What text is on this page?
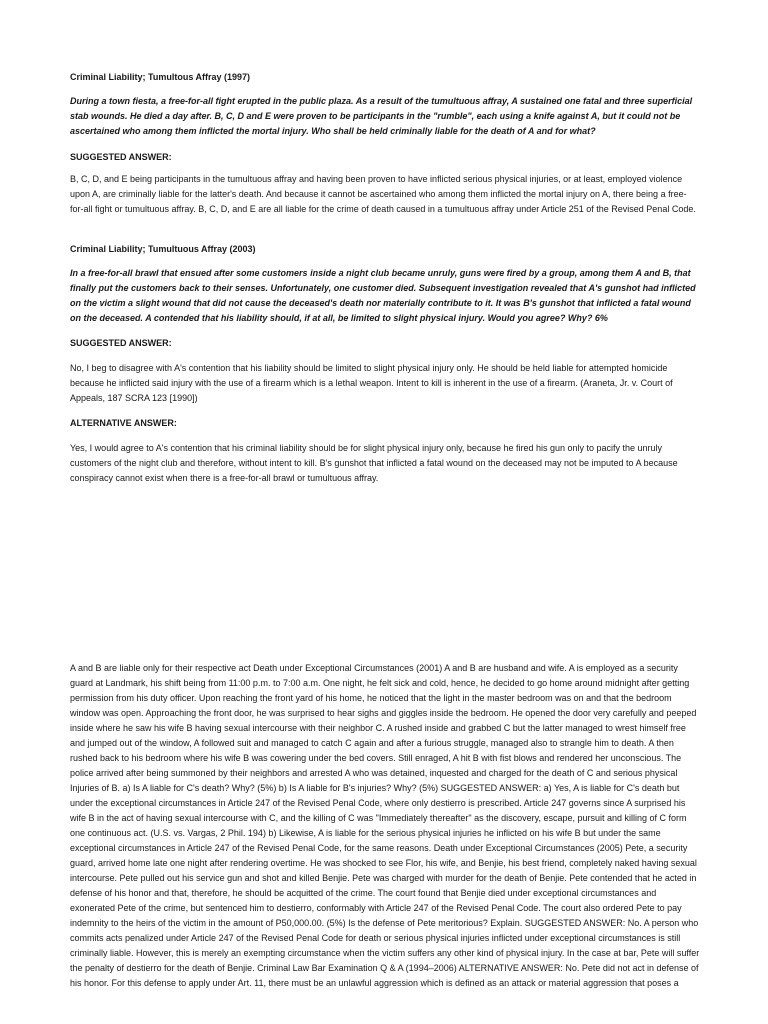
Criminal Liability; Tumultous Affray (1997)

During a town fiesta, a free-for-all fight erupted in the public plaza. As a result of the tumultuous affray, A sustained one fatal and three superficial stab wounds. He died a day after. B, C, D and E were proven to be participants in the "rumble", each using a knife against A, but it could not be ascertained who among them inflicted the mortal injury. Who shall be held criminally liable for the death of A and for what?

SUGGESTED ANSWER:

B, C, D, and E being participants in the tumultuous affray and having been proven to have inflicted serious physical injuries, or at least, employed violence upon A, are criminally liable for the latter's death. And because it cannot be ascertained who among them inflicted the mortal injury on A, there being a free-for-all fight or tumultuous affray. B, C, D, and E are all liable for the crime of death caused in a tumultuous affray under Article 251 of the Revised Penal Code.

Criminal Liability; Tumultuous Affray (2003)

In a free-for-all brawl that ensued after some customers inside a night club became unruly, guns were fired by a group, among them A and B, that finally put the customers back to their senses. Unfortunately, one customer died. Subsequent investigation revealed that A's gunshot had inflicted on the victim a slight wound that did not cause the deceased's death nor materially contribute to it. It was B's gunshot that inflicted a fatal wound on the deceased. A contended that his liability should, if at all, be limited to slight physical injury. Would you agree? Why? 6%

SUGGESTED ANSWER:

No, I beg to disagree with A's contention that his liability should be limited to slight physical injury only. He should be held liable for attempted homicide because he inflicted said injury with the use of a firearm which is a lethal weapon. Intent to kill is inherent in the use of a firearm. (Araneta, Jr. v. Court of Appeals, 187 SCRA 123 [1990])

ALTERNATIVE ANSWER:

Yes, I would agree to A's contention that his criminal liability should be for slight physical injury only, because he fired his gun only to pacify the unruly customers of the night club and therefore, without intent to kill. B's gunshot that inflicted a fatal wound on the deceased may not be imputed to A because conspiracy cannot exist when there is a free-for-all brawl or tumultuous affray.

A and B are liable only for their respective act Death under Exceptional Circumstances (2001) A and B are husband and wife. A is employed as a security guard at Landmark, his shift being from 11:00 p.m. to 7:00 a.m. One night, he felt sick and cold, hence, he decided to go home around midnight after getting permission from his duty officer. Upon reaching the front yard of his home, he noticed that the light in the master bedroom was on and that the bedroom window was open. Approaching the front door, he was surprised to hear sighs and giggles inside the bedroom. He opened the door very carefully and peeped inside where he saw his wife B having sexual intercourse with their neighbor C. A rushed inside and grabbed C but the latter managed to wrest himself free and jumped out of the window, A followed suit and managed to catch C again and after a furious struggle, managed also to strangle him to death. A then rushed back to his bedroom where his wife B was cowering under the bed covers. Still enraged, A hit B with fist blows and rendered her unconscious. The police arrived after being summoned by their neighbors and arrested A who was detained, inquested and charged for the death of C and serious physical Injuries of B. a) Is A liable for C's death? Why? (5%) b) Is A liable for B's injuries? Why? (5%) SUGGESTED ANSWER: a) Yes, A is liable for C's death but under the exceptional circumstances in Article 247 of the Revised Penal Code, where only destierro is prescribed. Article 247 governs since A surprised his wife B in the act of having sexual intercourse with C, and the killing of C was "Immediately thereafter" as the discovery, escape, pursuit and killing of C form one continuous act. (U.S. vs. Vargas, 2 Phil. 194) b) Likewise, A is liable for the serious physical injuries he inflicted on his wife B but under the same exceptional circumstances in Article 247 of the Revised Penal Code, for the same reasons. Death under Exceptional Circumstances (2005) Pete, a security guard, arrived home late one night after rendering overtime. He was shocked to see Flor, his wife, and Benjie, his best friend, completely naked having sexual intercourse. Pete pulled out his service gun and shot and killed Benjie. Pete was charged with murder for the death of Benjie. Pete contended that he acted in defense of his honor and that, therefore, he should be acquitted of the crime. The court found that Benjie died under exceptional circumstances and exonerated Pete of the crime, but sentenced him to destierro, conformably with Article 247 of the Revised Penal Code. The court also ordered Pete to pay indemnity to the heirs of the victim in the amount of P50,000.00. (5%) Is the defense of Pete meritorious? Explain. SUGGESTED ANSWER: No. A person who commits acts penalized under Article 247 of the Revised Penal Code for death or serious physical injuries inflicted under exceptional circumstances is still criminally liable. However, this is merely an exempting circumstance when the victim suffers any other kind of physical injury. In the case at bar, Pete will suffer the penalty of destierro for the death of Benjie. Criminal Law Bar Examination Q & A (1994–2006) ALTERNATIVE ANSWER: No. Pete did not act in defense of his honor. For this defense to apply under Art. 11, there must be an unlawful aggression which is defined as an attack or material aggression that poses a
